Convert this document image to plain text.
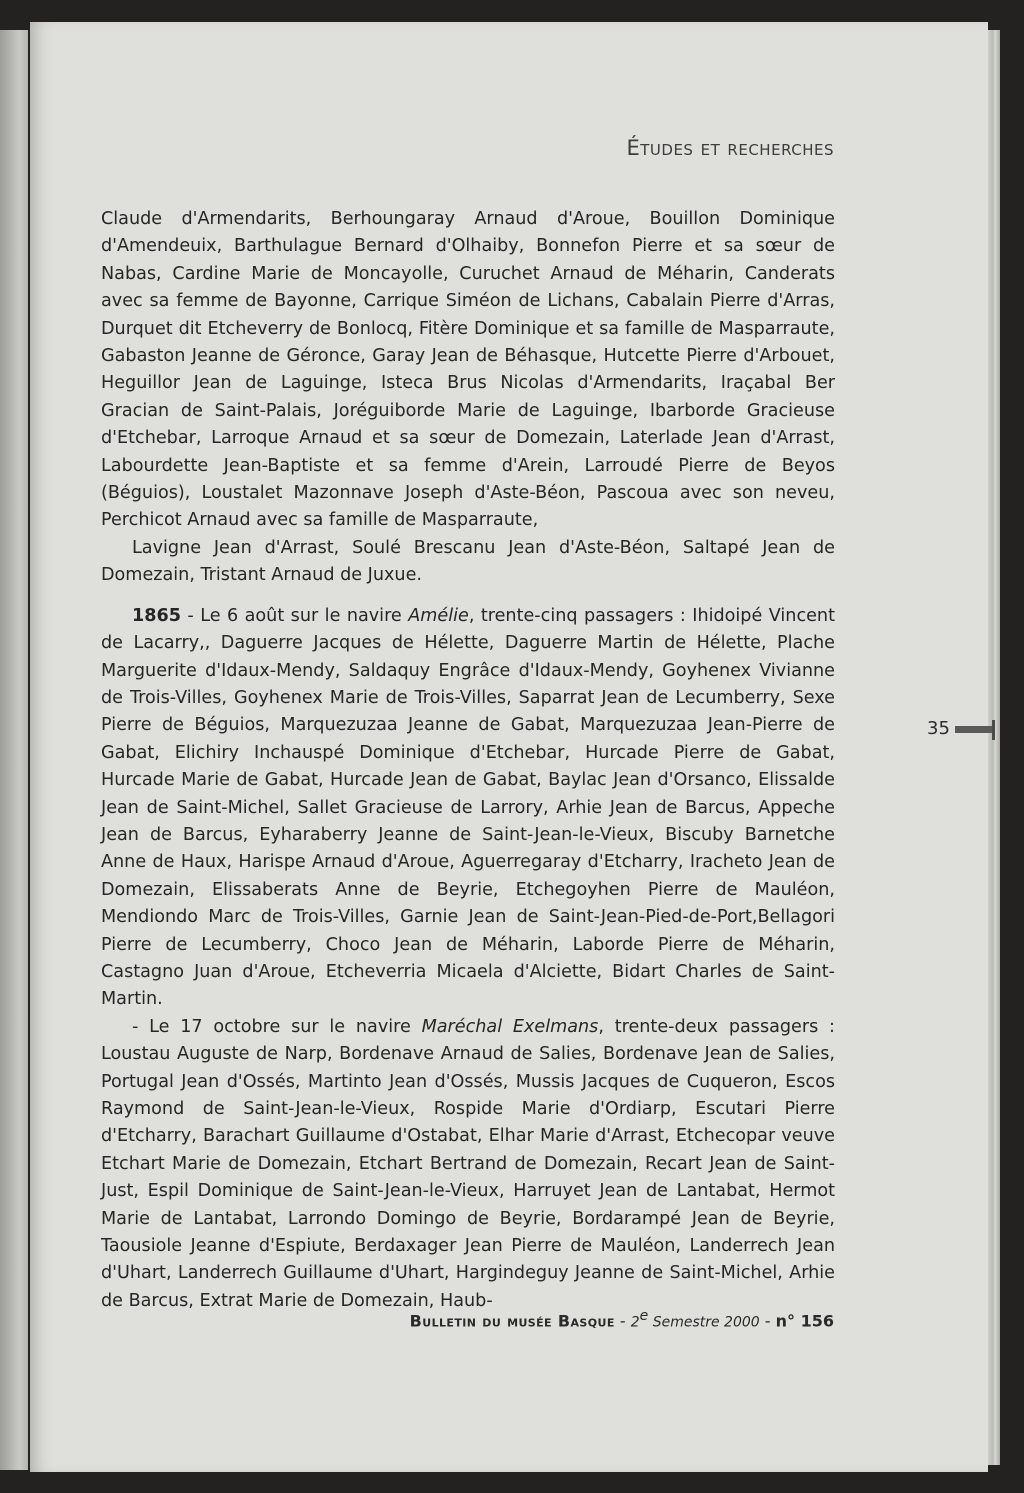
Études et recherches

Claude d'Armendarits, Berhoungaray Arnaud d'Aroue, Bouillon Dominique d'Amendeuix, Barthulague Bernard d'Olhaiby, Bonnefon Pierre et sa sœur de Nabas, Cardine Marie de Moncayolle, Curuchet Arnaud de Méharin, Canderats avec sa femme de Bayonne, Carrique Siméon de Lichans, Cabalain Pierre d'Arras, Durquet dit Etcheverry de Bonlocq, Fitère Dominique et sa famille de Masparraute, Gabaston Jeanne de Géronce, Garay Jean de Béhasque, Hutcette Pierre d'Arbouet, Heguillor Jean de Laguinge, Isteca Brus Nicolas d'Armendarits, Iraçabal Ber Gracian de Saint-Palais, Joréguiborde Marie de Laguinge, Ibarborde Gracieuse d'Etchebar, Larroque Arnaud et sa sœur de Domezain, Laterlade Jean d'Arrast, Labourdette Jean-Baptiste et sa femme d'Arein, Larroudé Pierre de Beyos (Béguios), Loustalet Mazonnave Joseph d'Aste-Béon, Pascoua avec son neveu, Perchicot Arnaud avec sa famille de Masparraute,

Lavigne Jean d'Arrast, Soulé Brescanu Jean d'Aste-Béon, Saltapé Jean de Domezain, Tristant Arnaud de Juxue.

1865 - Le 6 août sur le navire Amélie, trente-cinq passagers : Ihidoipé Vincent de Lacarry,, Daguerre Jacques de Hélette, Daguerre Martin de Hélette, Plache Marguerite d'Idaux-Mendy, Saldaquy Engrâce d'Idaux-Mendy, Goyhenex Vivianne de Trois-Villes, Goyhenex Marie de Trois-Villes, Saparrat Jean de Lecumberry, Sexe Pierre de Béguios, Marquezuzaa Jeanne de Gabat, Marquezuzaa Jean-Pierre de Gabat, Elichiry Inchauspé Dominique d'Etchebar, Hurcade Pierre de Gabat, Hurcade Marie de Gabat, Hurcade Jean de Gabat, Baylac Jean d'Orsanco, Elissalde Jean de Saint-Michel, Sallet Gracieuse de Larrory, Arhie Jean de Barcus, Appeche Jean de Barcus, Eyharaberry Jeanne de Saint-Jean-le-Vieux, Biscuby Barnetche Anne de Haux, Harispe Arnaud d'Aroue, Aguerregaray d'Etcharry, Iracheto Jean de Domezain, Elissaberats Anne de Beyrie, Etchegoyhen Pierre de Mauléon, Mendiondo Marc de Trois-Villes, Garnie Jean de Saint-Jean-Pied-de-Port,Bellagori Pierre de Lecumberry, Choco Jean de Méharin, Laborde Pierre de Méharin, Castagno Juan d'Aroue, Etcheverria Micaela d'Alciette, Bidart Charles de Saint-Martin.

- Le 17 octobre sur le navire Maréchal Exelmans, trente-deux passagers : Loustau Auguste de Narp, Bordenave Arnaud de Salies, Bordenave Jean de Salies, Portugal Jean d'Ossés, Martinto Jean d'Ossés, Mussis Jacques de Cuqueron, Escos Raymond de Saint-Jean-le-Vieux, Rospide Marie d'Ordiarp, Escutari Pierre d'Etcharry, Barachart Guillaume d'Ostabat, Elhar Marie d'Arrast, Etchecopar veuve Etchart Marie de Domezain, Etchart Bertrand de Domezain, Recart Jean de Saint-Just, Espil Dominique de Saint-Jean-le-Vieux, Harruyet Jean de Lantabat, Hermot Marie de Lantabat, Larrondo Domingo de Beyrie, Bordarampé Jean de Beyrie, Taousiole Jeanne d'Espiute, Berdaxager Jean Pierre de Mauléon, Landerrech Jean d'Uhart, Landerrech Guillaume d'Uhart, Hargindeguy Jeanne de Saint-Michel, Arhie de Barcus, Extrat Marie de Domezain, Haub-

35
Bulletin du musée Basque - 2e Semestre 2000 - n° 156
